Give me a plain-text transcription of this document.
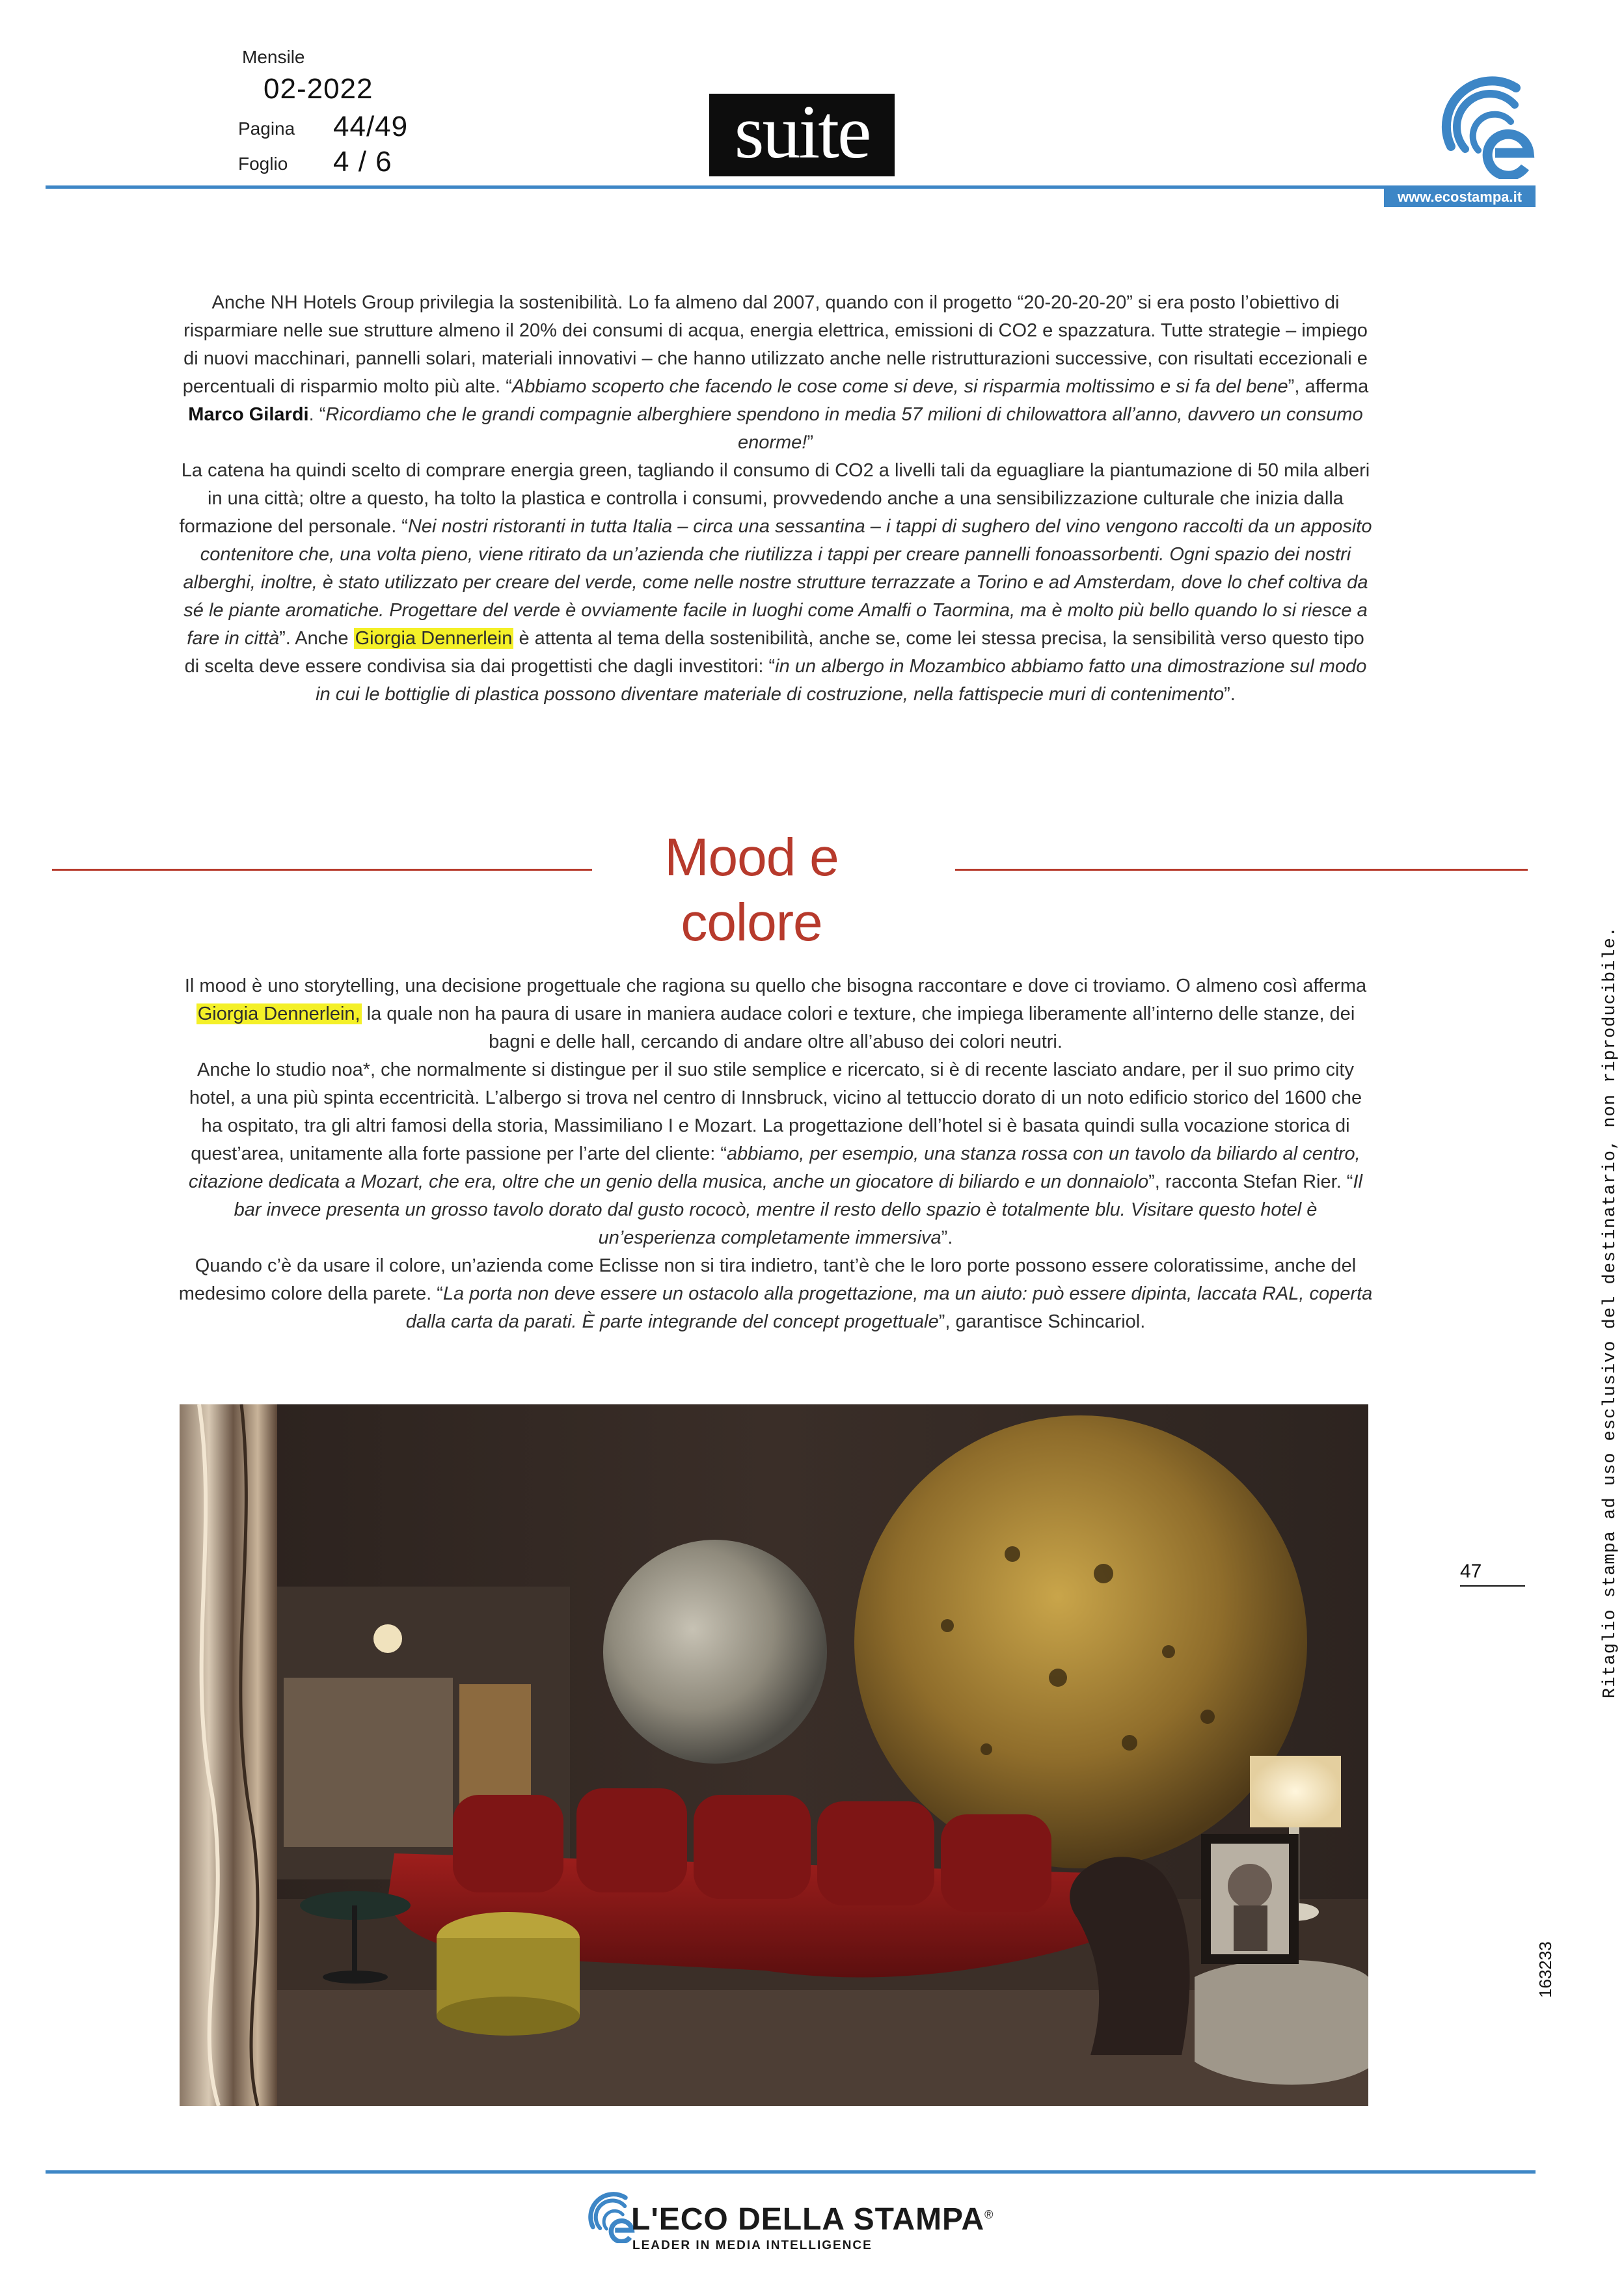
Mensile
02-2022
Pagina 44/49
Foglio 4 / 6	suite
www.ecostampa.it

Anche NH Hotels Group privilegia la sostenibilità. Lo fa almeno dal 2007, quando con il progetto “20-20-20-20” si era posto l’obiettivo di risparmiare nelle sue strutture almeno il 20% dei consumi di acqua, energia elettrica, emissioni di CO2 e spazzatura. Tutte strategie – impiego di nuovi macchinari, pannelli solari, materiali innovativi – che hanno utilizzato anche nelle ristrutturazioni successive, con risultati eccezionali e percentuali di risparmio molto più alte. “Abbiamo scoperto che facendo le cose come si deve, si risparmia moltissimo e si fa del bene”, afferma Marco Gilardi. “Ricordiamo che le grandi compagnie alberghiere spendono in media 57 milioni di chilowattora all’anno, davvero un consumo enorme!”

La catena ha quindi scelto di comprare energia green, tagliando il consumo di CO2 a livelli tali da eguagliare la piantumazione di 50 mila alberi in una città; oltre a questo, ha tolto la plastica e controlla i consumi, provvedendo anche a una sensibilizzazione culturale che inizia dalla formazione del personale. “Nei nostri ristoranti in tutta Italia – circa una sessantina – i tappi di sughero del vino vengono raccolti da un apposito contenitore che, una volta pieno, viene ritirato da un’azienda che riutilizza i tappi per creare pannelli fonoassorbenti. Ogni spazio dei nostri alberghi, inoltre, è stato utilizzato per creare del verde, come nelle nostre strutture terrazzate a Torino e ad Amsterdam, dove lo chef coltiva da sé le piante aromatiche. Progettare del verde è ovviamente facile in luoghi come Amalfi o Taormina, ma è molto più bello quando lo si riesce a fare in città”. Anche Giorgia Dennerlein è attenta al tema della sostenibilità, anche se, come lei stessa precisa, la sensibilità verso questo tipo di scelta deve essere condivisa sia dai progettisti che dagli investitori: “in un albergo in Mozambico abbiamo fatto una dimostrazione sul modo in cui le bottiglie di plastica possono diventare materiale di costruzione, nella fattispecie muri di contenimento”.

Mood e colore

Il mood è uno storytelling, una decisione progettuale che ragiona su quello che bisogna raccontare e dove ci troviamo. O almeno così afferma Giorgia Dennerlein, la quale non ha paura di usare in maniera audace colori e texture, che impiega liberamente all’interno delle stanze, dei bagni e delle hall, cercando di andare oltre all’abuso dei colori neutri.

Anche lo studio noa*, che normalmente si distingue per il suo stile semplice e ricercato, si è di recente lasciato andare, per il suo primo city hotel, a una più spinta eccentricità. L’albergo si trova nel centro di Innsbruck, vicino al tettuccio dorato di un noto edificio storico del 1600 che ha ospitato, tra gli altri famosi della storia, Massimiliano I e Mozart. La progettazione dell’hotel si è basata quindi sulla vocazione storica di quest’area, unitamente alla forte passione per l’arte del cliente: “abbiamo, per esempio, una stanza rossa con un tavolo da biliardo al centro, citazione dedicata a Mozart, che era, oltre che un genio della musica, anche un giocatore di biliardo e un donnaiolo”, racconta Stefan Rier. “Il bar invece presenta un grosso tavolo dorato dal gusto rococò, mentre il resto dello spazio è totalmente blu. Visitare questo hotel è un’esperienza completamente immersiva”.

Quando c’è da usare il colore, un’azienda come Eclisse non si tira indietro, tant’è che le loro porte possono essere coloratissime, anche del medesimo colore della parete. “La porta non deve essere un ostacolo alla progettazione, ma un aiuto: può essere dipinta, laccata RAL, coperta dalla carta da parati. È parte integrande del concept progettuale”, garantisce Schincariol.	Ritaglio stampa ad uso esclusivo del destinatario, non riproducibile.
47
163233
L'ECO DELLA STAMPA®
LEADER IN MEDIA INTELLIGENCE
